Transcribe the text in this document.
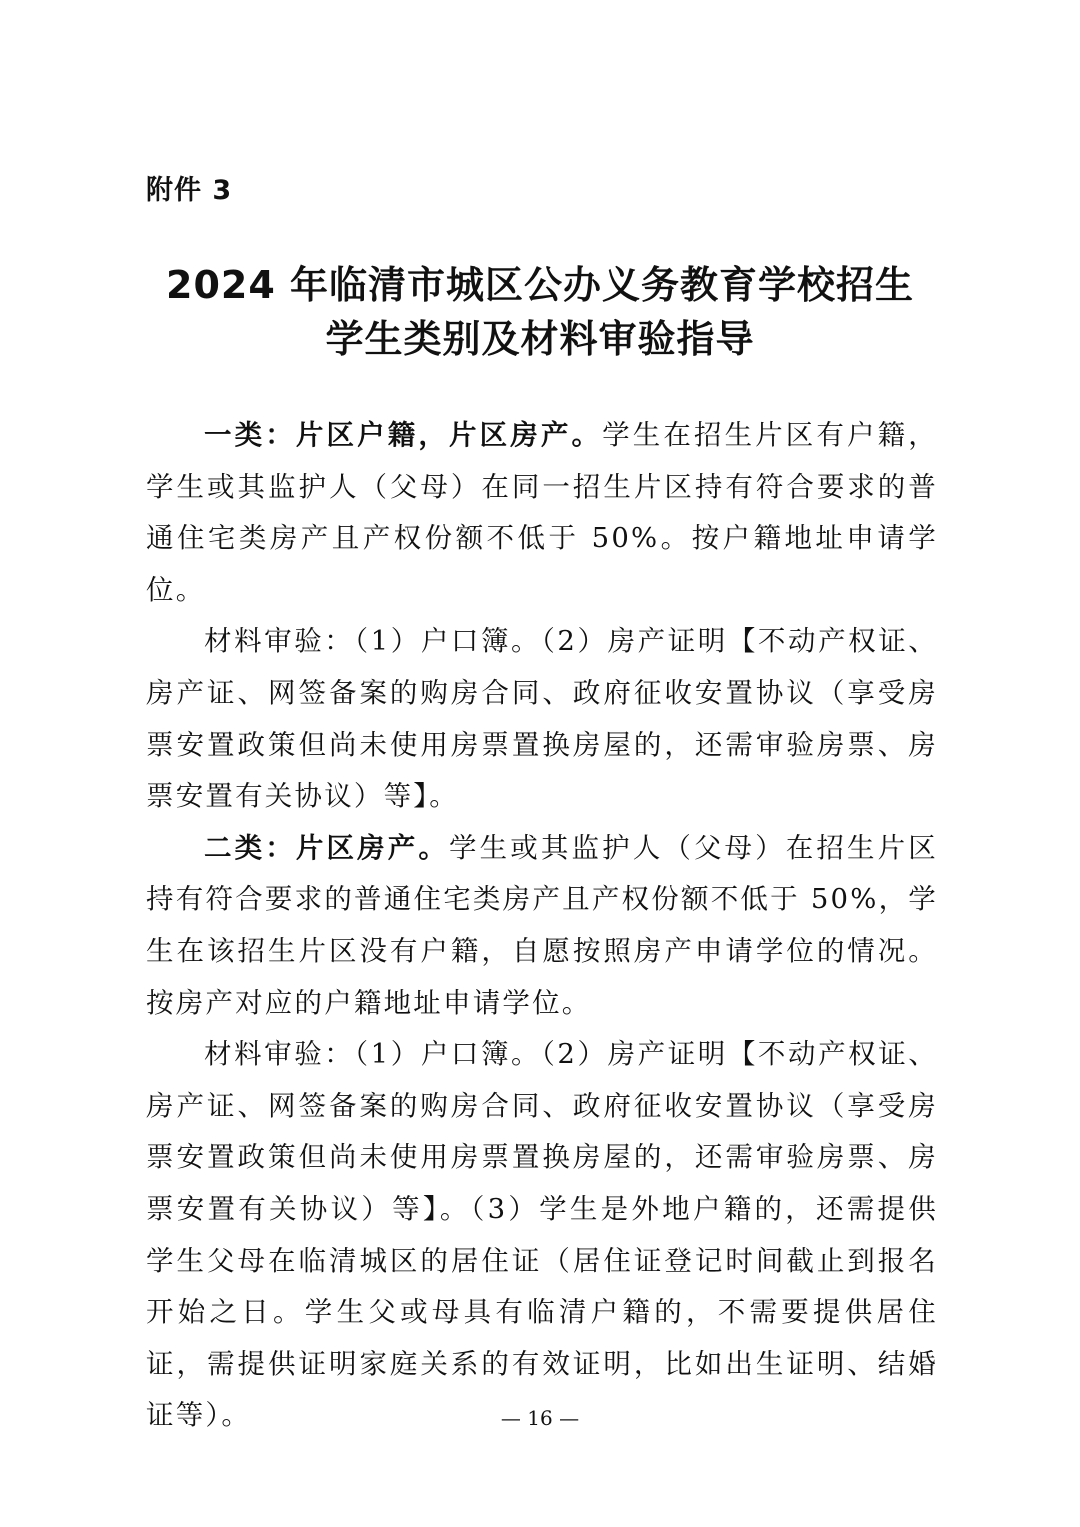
附件 3

2024 年临清市城区公办义务教育学校招生
学生类别及材料审验指导

一类：片区户籍，片区房产。学生在招生片区有户籍，学生或其监护人（父母）在同一招生片区持有符合要求的普通住宅类房产且产权份额不低于 50%。按户籍地址申请学位。

材料审验：（1）户口簿。（2）房产证明【不动产权证、房产证、网签备案的购房合同、政府征收安置协议（享受房票安置政策但尚未使用房票置换房屋的，还需审验房票、房票安置有关协议）等】。

二类：片区房产。学生或其监护人（父母）在招生片区持有符合要求的普通住宅类房产且产权份额不低于 50%，学生在该招生片区没有户籍，自愿按照房产申请学位的情况。按房产对应的户籍地址申请学位。

材料审验：（1）户口簿。（2）房产证明【不动产权证、房产证、网签备案的购房合同、政府征收安置协议（享受房票安置政策但尚未使用房票置换房屋的，还需审验房票、房票安置有关协议）等】。（3）学生是外地户籍的，还需提供学生父母在临清城区的居住证（居住证登记时间截止到报名开始之日。学生父或母具有临清户籍的，不需要提供居住证，需提供证明家庭关系的有效证明，比如出生证明、结婚证等）。	— 16 —
